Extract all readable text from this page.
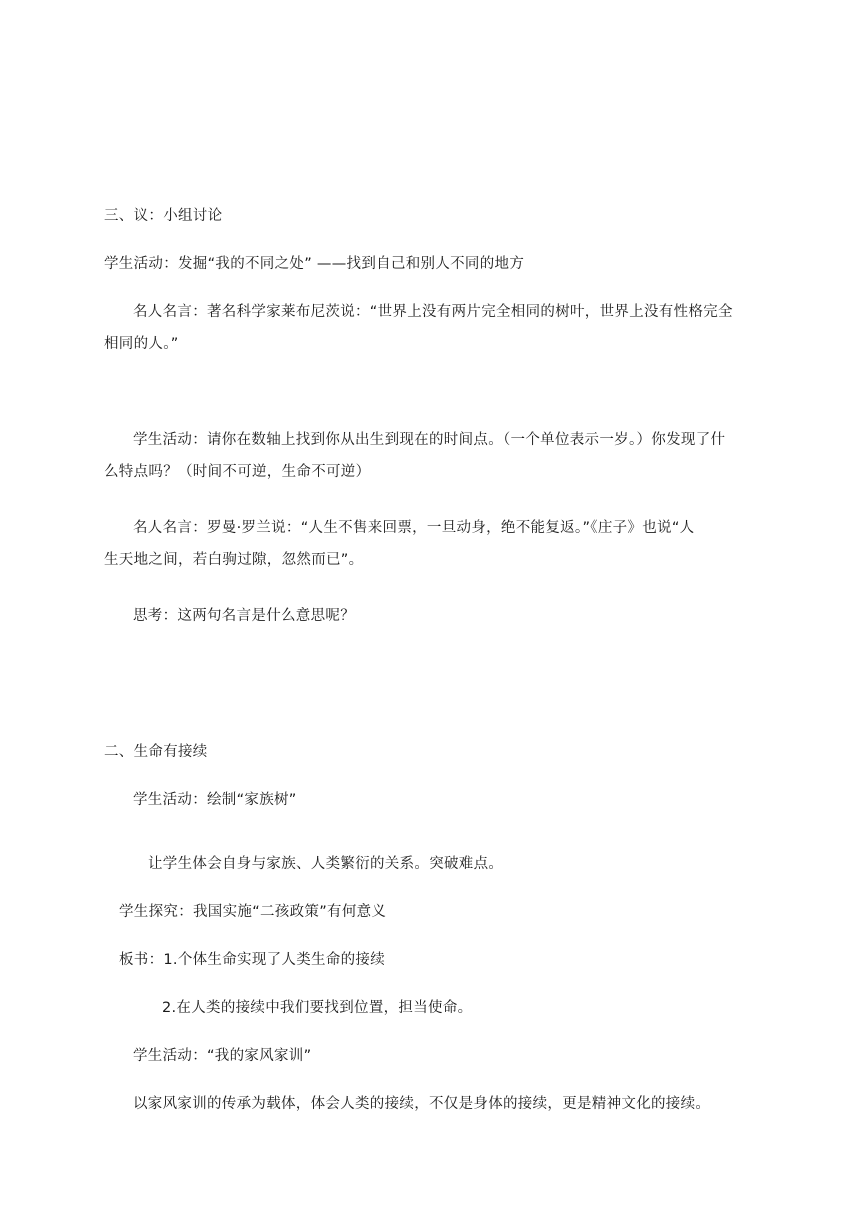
三、议：小组讨论
学生活动：发掘“我的不同之处” ——找到自己和别人不同的地方
名人名言：著名科学家莱布尼茨说：“世界上没有两片完全相同的树叶，世界上没有性格完全
相同的人。”
学生活动：请你在数轴上找到你从出生到现在的时间点。（一个单位表示一岁。）你发现了什
么特点吗？（时间不可逆，生命不可逆）
名人名言：罗曼·罗兰说：“人生不售来回票，一旦动身，绝不能复返。”《庄子》也说“人
生天地之间，若白驹过隙，忽然而已”。
思考：这两句名言是什么意思呢？
二、生命有接续
学生活动：绘制“家族树”
让学生体会自身与家族、人类繁衍的关系。突破难点。
学生探究：我国实施“二孩政策”有何意义
板书：1.个体生命实现了人类生命的接续
2.在人类的接续中我们要找到位置，担当使命。
学生活动：“我的家风家训”
以家风家训的传承为载体，体会人类的接续，不仅是身体的接续，更是精神文化的接续。
